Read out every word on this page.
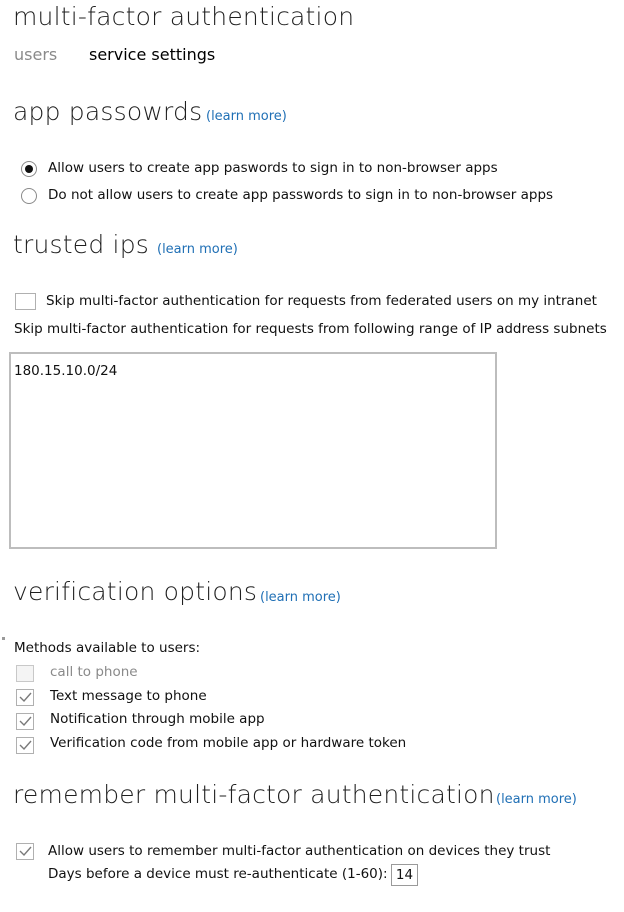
multi-factor authentication
users service settings
app passowrds (learn more)
Allow users to create app paswords to sign in to non-browser apps
Do not allow users to create app passwords to sign in to non-browser apps
trusted ips (learn more)
Skip multi-factor authentication for requests from federated users on my intranet
Skip multi-factor authentication for requests from following range of IP address subnets
180.15.10.0/24
verification options (learn more)
Methods available to users:
call to phone
Text message to phone
Notification through mobile app
Verification code from mobile app or hardware token
remember multi-factor authentication (learn more)
Allow users to remember multi-factor authentication on devices they trust
Days before a device must re-authenticate (1-60):
14
